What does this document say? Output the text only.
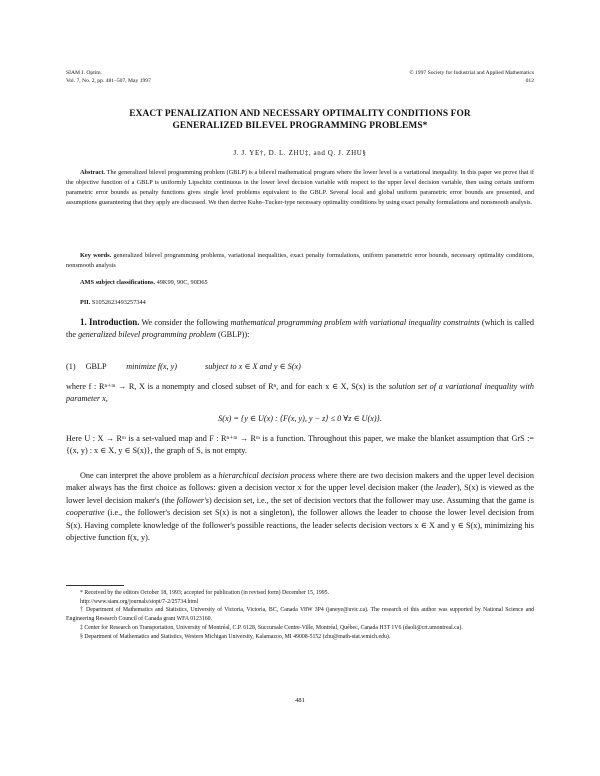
SIAM J. Optim.
Vol. 7, No. 2, pp. 481–507, May 1997
© 1997 Society for Industrial and Applied Mathematics
012
EXACT PENALIZATION AND NECESSARY OPTIMALITY CONDITIONS FOR GENERALIZED BILEVEL PROGRAMMING PROBLEMS*
J. J. YE†, D. L. ZHU‡, and Q. J. ZHU§
Abstract. The generalized bilevel programming problem (GBLP) is a bilevel mathematical program where the lower level is a variational inequality. In this paper we prove that if the objective function of a GBLP is uniformly Lipschitz continuous in the lower level decision variable with respect to the upper level decision variable, then using certain uniform parametric error bounds as penalty functions gives single level problems equivalent to the GBLP. Several local and global uniform parametric error bounds are presented, and assumptions guaranteeing that they apply are discussed. We then derive Kuhn–Tucker-type necessary optimality conditions by using exact penalty formulations and nonsmooth analysis.
Key words. generalized bilevel programming problems, variational inequalities, exact penalty formulations, uniform parametric error bounds, necessary optimality conditions, nonsmooth analysis
AMS subject classifications. 49K99, 90C, 90D65
PII. S1052623493257344
1. Introduction. We consider the following mathematical programming problem with variational inequality constraints (which is called the generalized bilevel programming problem (GBLP)):
(1) GBLP minimize f(x, y)	subject to x ∈ X and y ∈ S(x)
where f : Rⁿ⁺ᵐ → R, X is a nonempty and closed subset of Rⁿ, and for each x ∈ X, S(x) is the solution set of a variational inequality with parameter x,
S(x) = {y ∈ U(x) : ⟨F(x, y), y − z⟩ ≤ 0 ∀z ∈ U(x)}.
Here U : X → Rᵐ is a set-valued map and F : Rⁿ⁺ᵐ → Rᵐ is a function. Throughout this paper, we make the blanket assumption that GrS := {(x, y) : x ∈ X, y ∈ S(x)}, the graph of S, is not empty.
One can interpret the above problem as a hierarchical decision process where there are two decision makers and the upper level decision maker always has the first choice as follows: given a decision vector x for the upper level decision maker (the leader), S(x) is viewed as the lower level decision maker's (the follower's) decision set, i.e., the set of decision vectors that the follower may use. Assuming that the game is cooperative (i.e., the follower's decision set S(x) is not a singleton), the follower allows the leader to choose the lower level decision from S(x). Having complete knowledge of the follower's possible reactions, the leader selects decision vectors x ∈ X and y ∈ S(x), minimizing his objective function f(x, y).
* Received by the editors October 18, 1993; accepted for publication (in revised form) December 15, 1995.
http://www.siam.org/journals/siopt/7-2/25734.html
† Department of Mathematics and Statistics, University of Victoria, Victoria, BC, Canada V8W 3P4 (janeye@uvic.ca). The research of this author was supported by National Science and Engineering Research Council of Canada grant WFA 0123160.
‡ Center for Research on Transportation, University of Montréal, C.P. 6128, Succursale Centre-Ville, Montréal, Québec, Canada H3T 1V6 (daoli@crt.umontreal.ca).
§ Department of Mathematics and Statistics, Western Michigan University, Kalamazoo, MI 49008-5152 (zhu@math-stat.wmich.edu).
481
